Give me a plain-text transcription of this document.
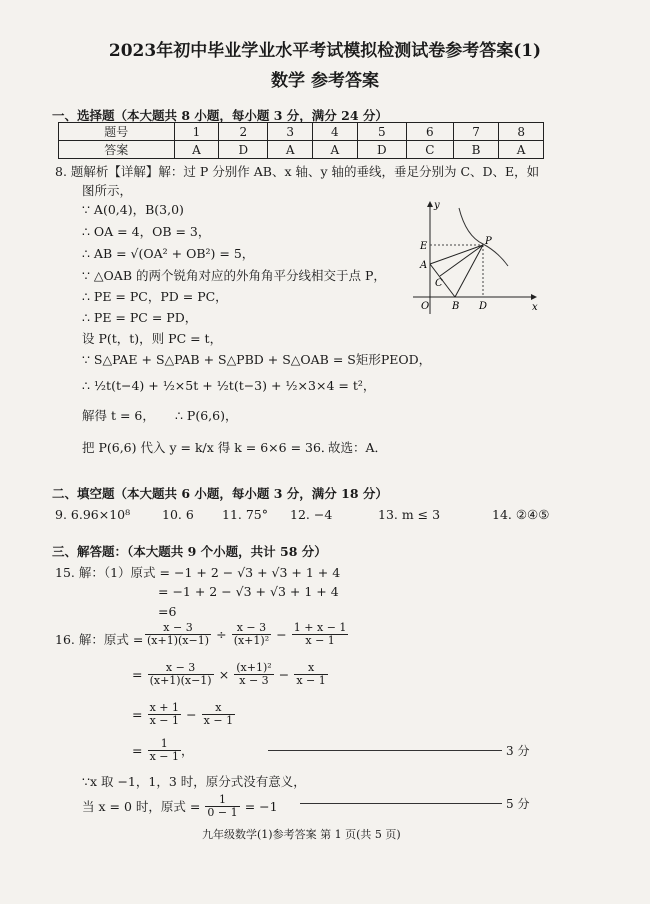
2023年初中毕业学业水平考试模拟检测试卷参考答案(1)
数学 参考答案
一、选择题（本大题共 8 小题，每小题 3 分，满分 24 分）
题号	1	2	3	4	5	6	7	8
答案	A	D	A	A	D	C	B	A
8. 题解析【详解】解：过 P 分别作 AB、x 轴、y 轴的垂线，垂足分别为 C、D、E，如
图所示，
∵ A(0,4)，B(3,0)
∴ OA = 4，OB = 3，
∴ AB = √(OA² + OB²) = 5，
∵ △OAB 的两个锐角对应的外角角平分线相交于点 P，
∴ PE = PC，PD = PC，
∴ PE = PC = PD，
设 P(t，t)，则 PC = t，
∵ S△PAE + S△PAB + S△PBD + S△OAB = S矩形PEOD，
∴ ½t(t−4) + ½×5t + ½t(t−3) + ½×3×4 = t²，
解得 t = 6， ∴ P(6,6)，
把 P(6,6) 代入 y = k/x 得 k = 6×6 = 36．
故选：A．
y
x
E	P
A
C
O B D
二、填空题（本大题共 6 小题，每小题 3 分，满分 18 分）
9. 6.96×10⁸	10. 6 11. 75° 12. −4	13. m ≤ 3	14. ②④⑤
三、解答题：（本大题共 9 个小题，共计 58 分）
15. 解：（1）原式 = −1 + 2 − √3 + √3 + 1 + 4
= −1 + 2 − √3 + √3 + 1 + 4
=6
16. 解：原式 = $\frac{x - 3}{(x+1)(x-1)} \div \frac{x - 3}{\text{(x+1)²}} - \frac{1 + x - 1}{x - 1}$
= $\frac{x - 3}{(x+1)(x-1)} \times \frac{\text{(x+1)²}}{x - 3} - \frac{x}{x - 1}$
= $\frac{x + 1}{x - 1} - \frac{x}{x - 1}$
= $\frac{1}{x - 1}$ ，	3 分
∵x 取 −1，1，3 时，原分式没有意义，
当 x = 0 时，原式 = $\frac{1}{0 - 1} = -1$	5 分
九年级数学(1)参考答案 第 1 页(共 5 页)
